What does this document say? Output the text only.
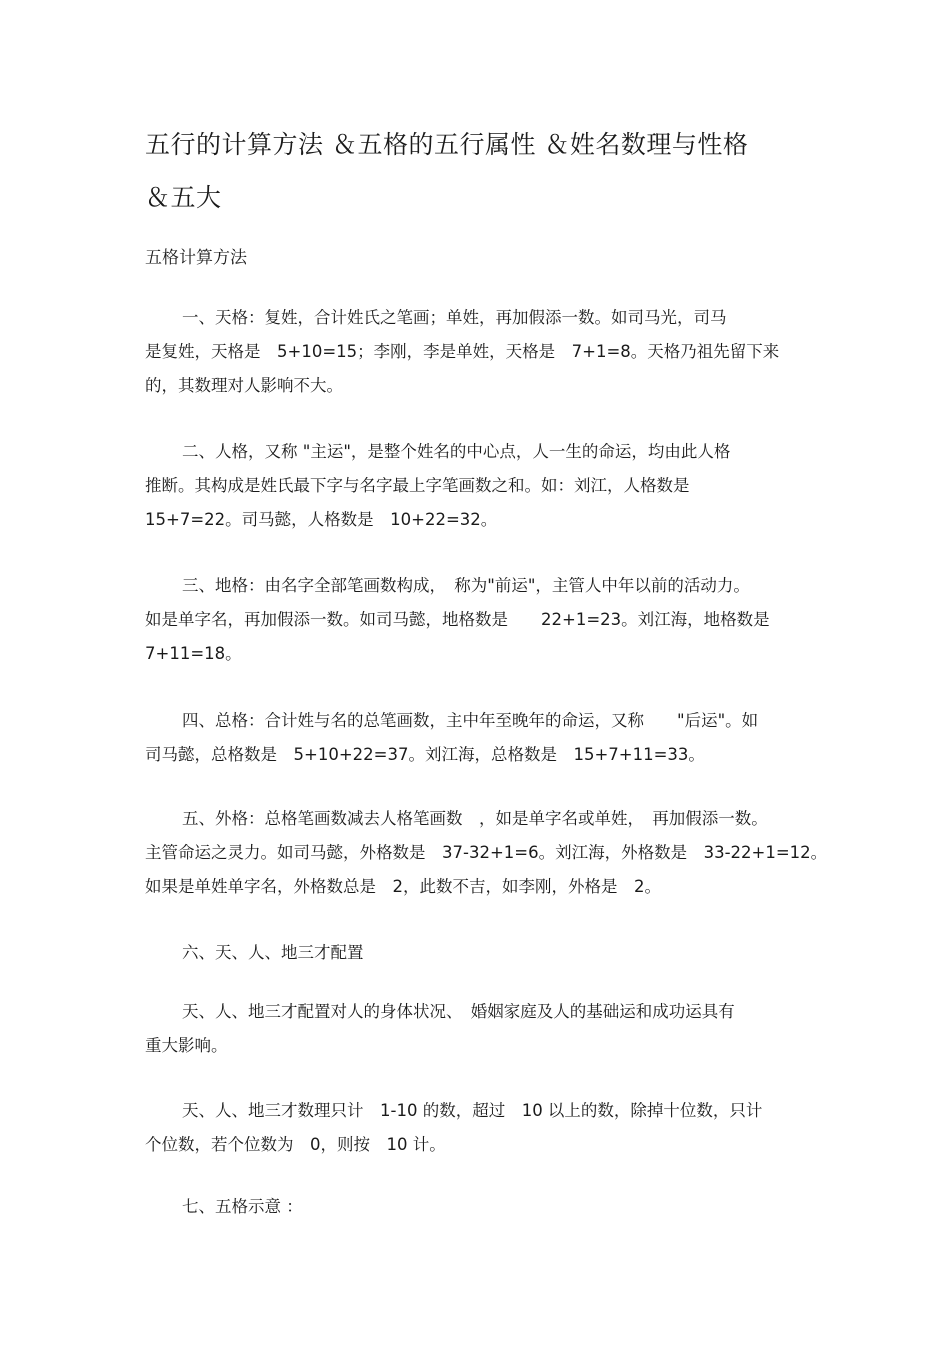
五行的计算方法 ＆五格的五行属性 ＆姓名数理与性格
＆五大
五格计算方法
一、天格：复姓，合计姓氏之笔画；单姓，再加假添一数。如司马光，司马
是复姓，天格是　5+10=15；李刚，李是单姓，天格是　7+1=8。天格乃祖先留下来
的，其数理对人影响不大。
二、人格，又称 "主运"，是整个姓名的中心点，人一生的命运，均由此人格
推断。其构成是姓氏最下字与名字最上字笔画数之和。如：刘江，人格数是
15+7=22。司马懿，人格数是　10+22=32。
三、地格：由名字全部笔画数构成，　称为"前运"，主管人中年以前的活动力。
如是单字名，再加假添一数。如司马懿，地格数是　　22+1=23。刘江海，地格数是
7+11=18。
四、总格：合计姓与名的总笔画数，主中年至晚年的命运，又称　　"后运"。如
司马懿，总格数是　5+10+22=37。刘江海，总格数是　15+7+11=33。
五、外格：总格笔画数减去人格笔画数　，如是单字名或单姓，　再加假添一数。
主管命运之灵力。如司马懿，外格数是　37-32+1=6。刘江海，外格数是　33-22+1=12。
如果是单姓单字名，外格数总是　2，此数不吉，如李刚，外格是　2。
六、天、人、地三才配置
天、人、地三才配置对人的身体状况、　婚姻家庭及人的基础运和成功运具有
重大影响。
天、人、地三才数理只计　1-10 的数，超过　10 以上的数，除掉十位数，只计
个位数，若个位数为　0，则按　10 计。
七、五格示意 ：
